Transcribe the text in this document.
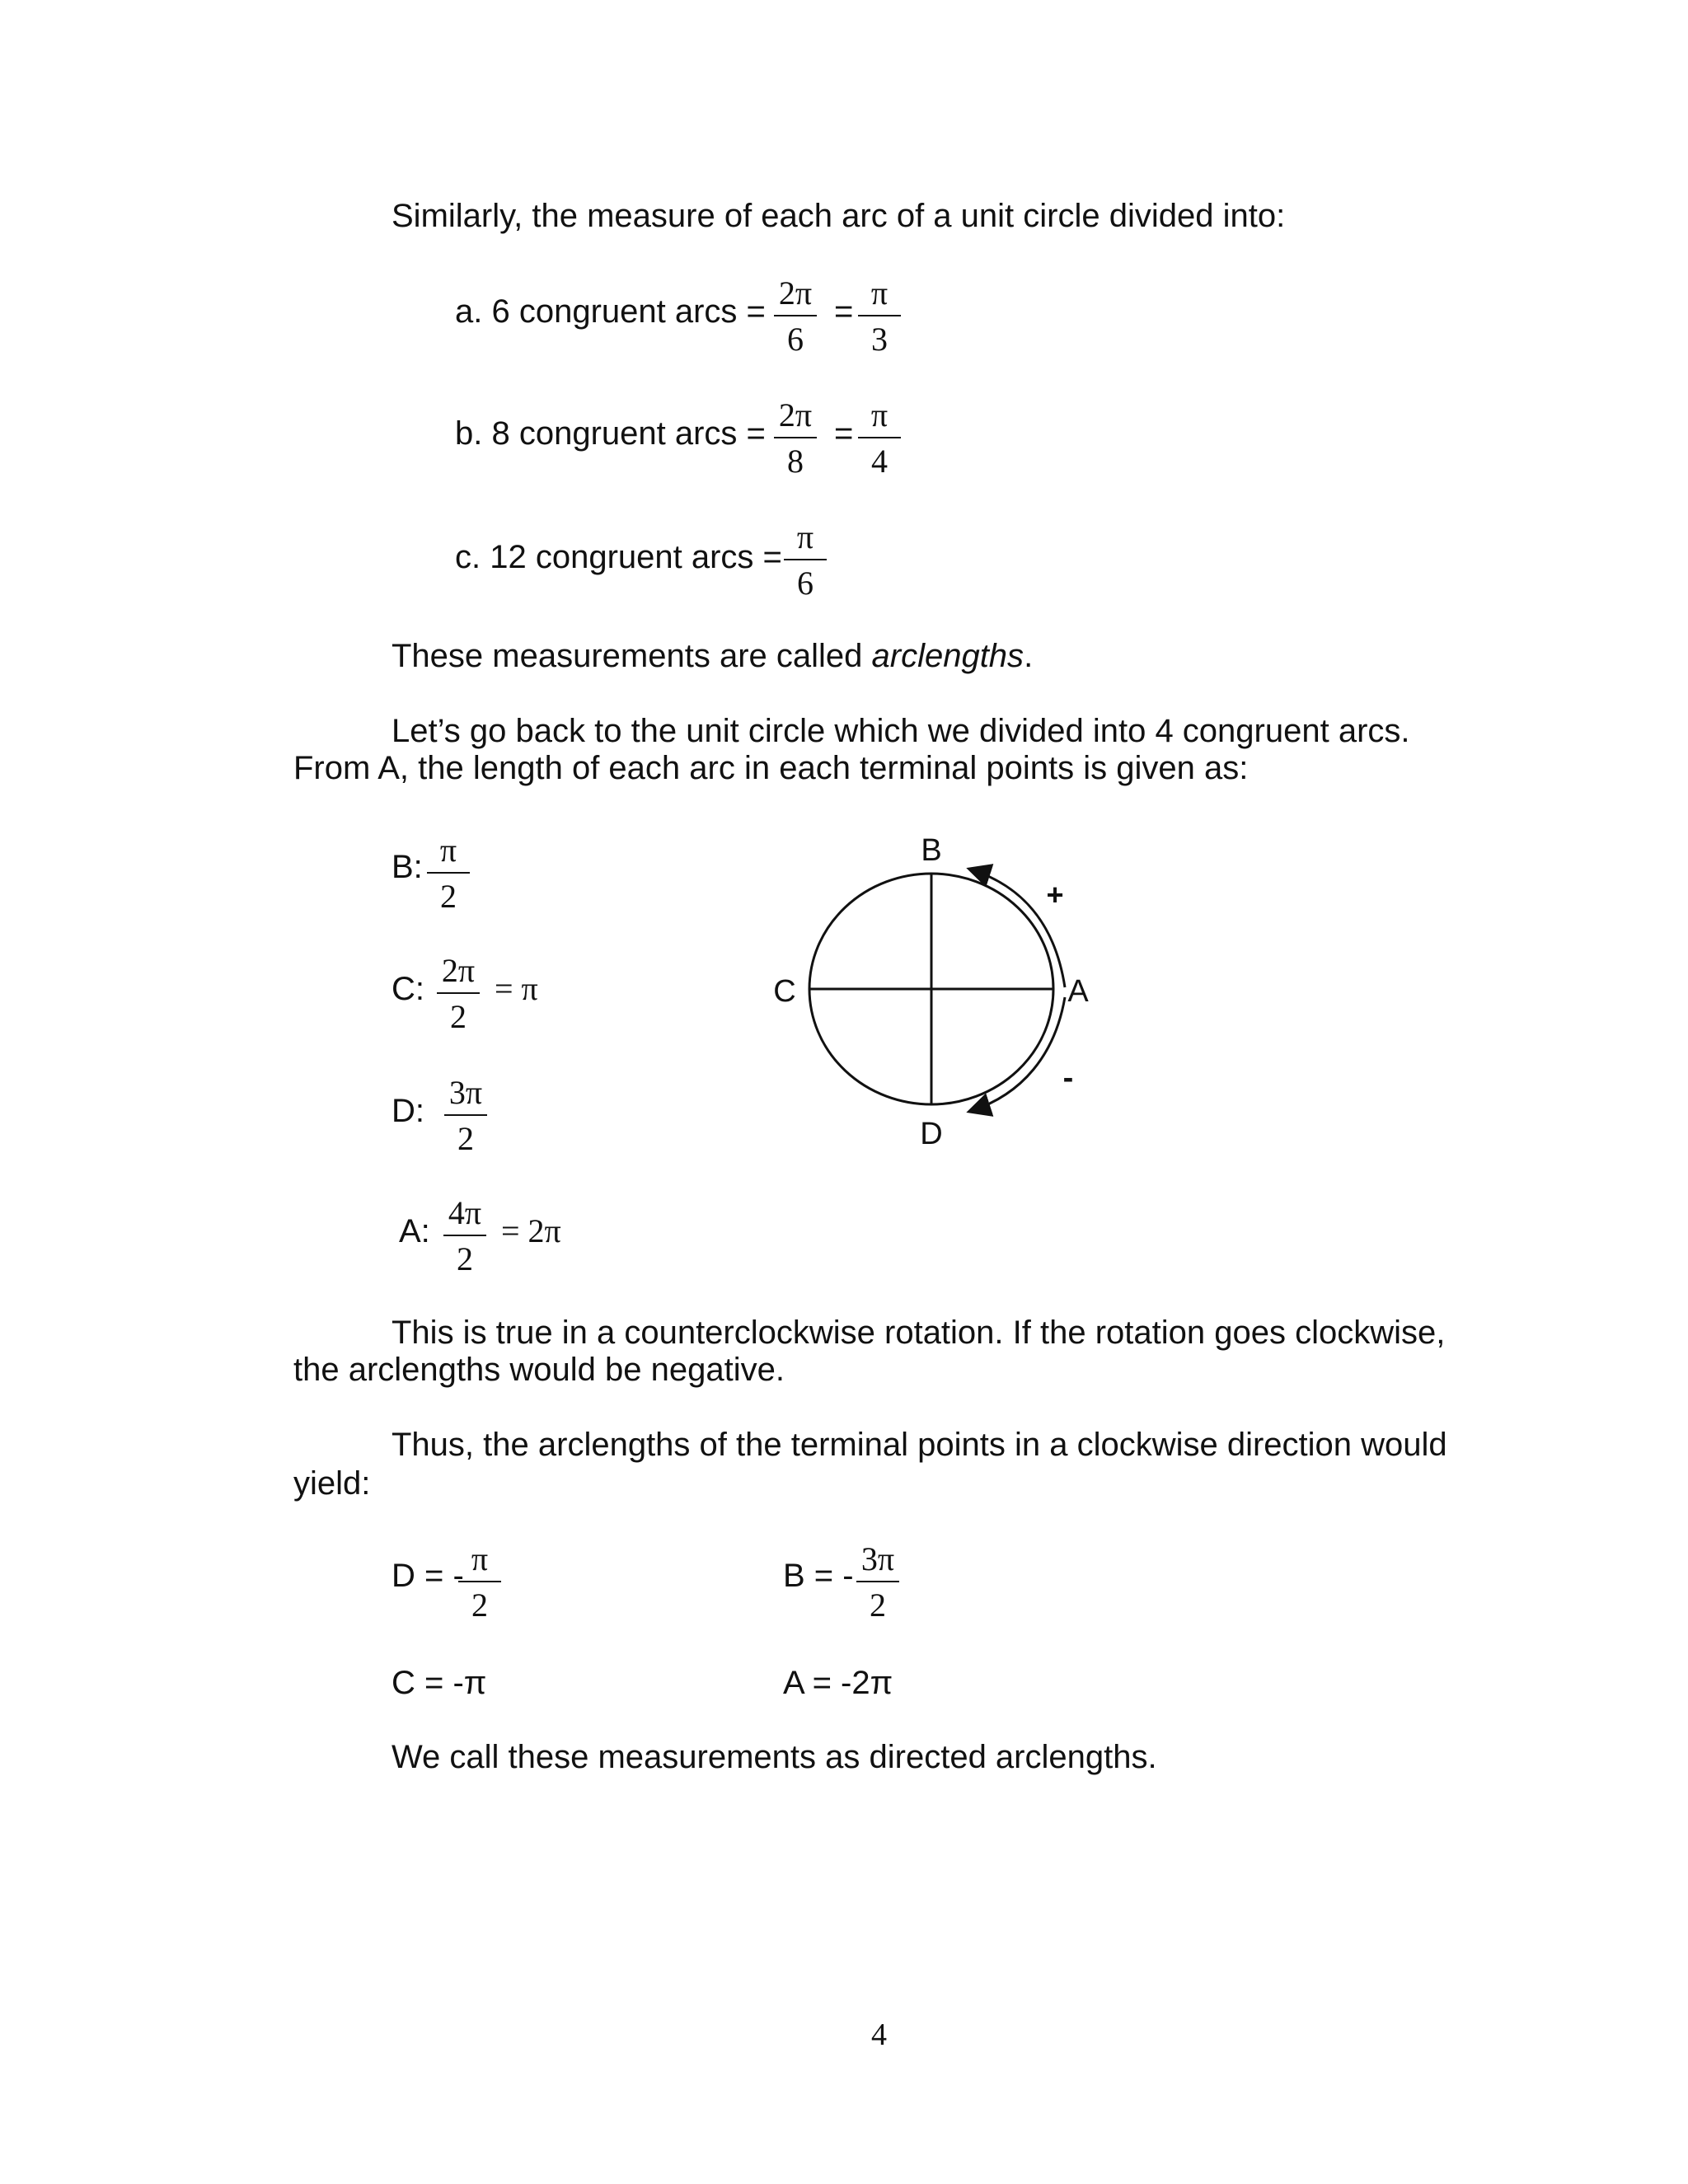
Similarly, the measure of each arc of a unit circle divided into:
a. 6 congruent arcs = 2π
6
= π
3
b. 8 congruent arcs = 2π
8
= π
4
c. 12 congruent arcs =
π
6
These measurements are called arclengths.
Let’s go back to the unit circle which we divided into 4 congruent arcs.
From A, the length of each arc in each terminal points is given as:
B: π
2
C: 2π
2
= π
D: 3π
2
A: 4π
2
= 2π
B
C	A
D
+
-
This is true in a counterclockwise rotation. If the rotation goes clockwise,
the arclengths would be negative.
Thus, the arclengths of the terminal points in a clockwise direction would
yield:
D = - π
2
B = - 3π
2
C = -π	A = -2π
We call these measurements as directed arclengths.
4
